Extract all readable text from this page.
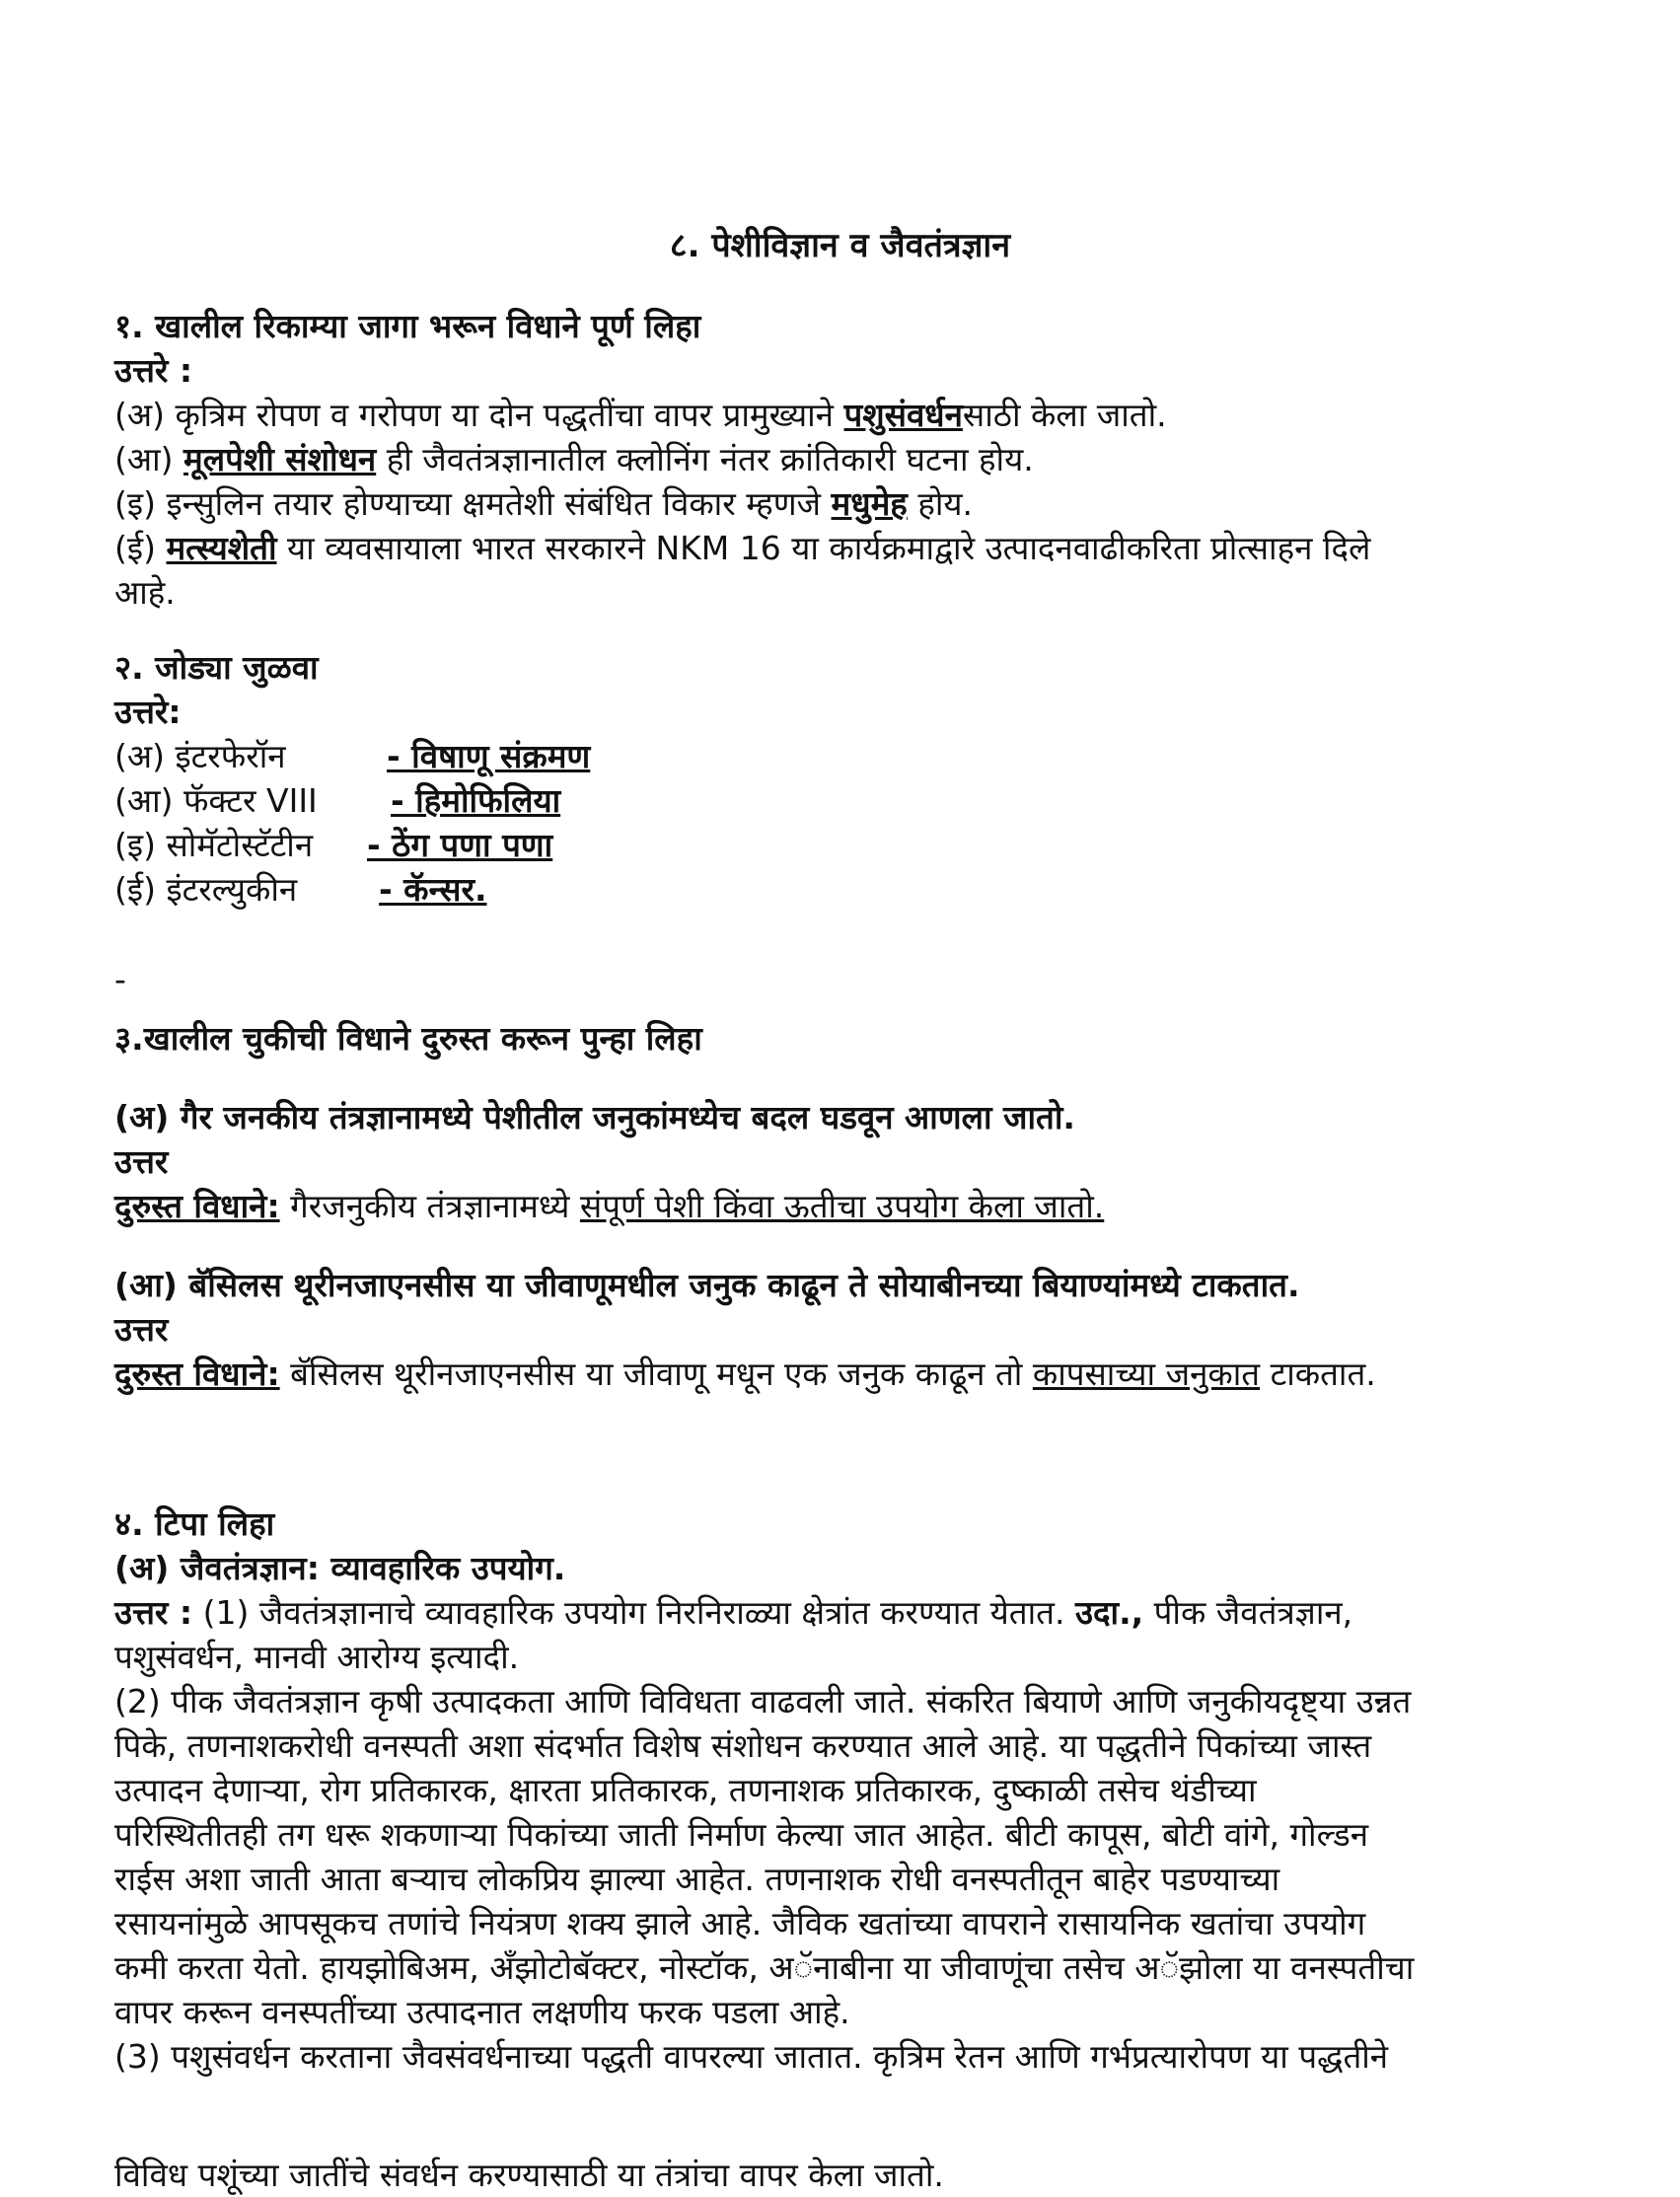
८. पेशीविज्ञान व जैवतंत्रज्ञान
१. खालील रिकाम्या जागा भरून विधाने पूर्ण लिहा
उत्तरे :
(अ) कृत्रिम रोपण व गरोपण या दोन पद्धतींचा वापर प्रामुख्याने पशुसंवर्धनसाठी केला जातो.
(आ) मूलपेशी संशोधन ही जैवतंत्रज्ञानातील क्लोनिंग नंतर क्रांतिकारी घटना होय.
(इ) इन्सुलिन तयार होण्याच्या क्षमतेशी संबंधित विकार म्हणजे मधुमेह होय.
(ई) मत्स्यशेती या व्यवसायाला भारत सरकारने NKM 16 या कार्यक्रमाद्वारे उत्पादनवाढीकरिता प्रोत्साहन दिले
आहे.
२. जोड्या जुळवा
उत्तरे:
(अ) इंटरफेरॉन	- विषाणू संक्रमण
(आ) फॅक्टर VIII - हिमोफिलिया
(इ) सोमॅटोस्टॅटीन - ठेंग पणा पणा
(ई) इंटरल्युकीन	- कॅन्सर.
-
३.खालील चुकीची विधाने दुरुस्त करून पुन्हा लिहा
(अ) गैर जनकीय तंत्रज्ञानामध्ये पेशीतील जनुकांमध्येच बदल घडवून आणला जातो.
उत्तर
दुरुस्त विधाने: गैरजनुकीय तंत्रज्ञानामध्ये संपूर्ण पेशी किंवा ऊतीचा उपयोग केला जातो.
(आ) बॅसिलस थूरीनजाएनसीस या जीवाणूमधील जनुक काढून ते सोयाबीनच्या बियाण्यांमध्ये टाकतात.
उत्तर
दुरुस्त विधाने: बॅसिलस थूरीनजाएनसीस या जीवाणू मधून एक जनुक काढून तो कापसाच्या जनुकात टाकतात.
४. टिपा लिहा
(अ) जैवतंत्रज्ञान: व्यावहारिक उपयोग.
उत्तर : (1) जैवतंत्रज्ञानाचे व्यावहारिक उपयोग निरनिराळ्या क्षेत्रांत करण्यात येतात. उदा., पीक जैवतंत्रज्ञान,
पशुसंवर्धन, मानवी आरोग्य इत्यादी.
(2) पीक जैवतंत्रज्ञान कृषी उत्पादकता आणि विविधता वाढवली जाते. संकरित बियाणे आणि जनुकीयदृष्ट्या उन्नत
पिके, तणनाशकरोधी वनस्पती अशा संदर्भात विशेष संशोधन करण्यात आले आहे. या पद्धतीने पिकांच्या जास्त
उत्पादन देणाऱ्या, रोग प्रतिकारक, क्षारता प्रतिकारक, तणनाशक प्रतिकारक, दुष्काळी तसेच थंडीच्या
परिस्थितीतही तग धरू शकणाऱ्या पिकांच्या जाती निर्माण केल्या जात आहेत. बीटी कापूस, बोटी वांगे, गोल्डन
राईस अशा जाती आता बऱ्याच लोकप्रिय झाल्या आहेत. तणनाशक रोधी वनस्पतीतून बाहेर पडण्याच्या
रसायनांमुळे आपसूकच तणांचे नियंत्रण शक्य झाले आहे. जैविक खतांच्या वापराने रासायनिक खतांचा उपयोग
कमी करता येतो. हायझोबिअम, अँझोटोबॅक्टर, नोस्टॉक, अॅनाबीना या जीवाणूंचा तसेच अॅझोला या वनस्पतीचा
वापर करून वनस्पतींच्या उत्पादनात लक्षणीय फरक पडला आहे.
(3) पशुसंवर्धन करताना जैवसंवर्धनाच्या पद्धती वापरल्या जातात. कृत्रिम रेतन आणि गर्भप्रत्यारोपण या पद्धतीने
विविध पशूंच्या जातींचे संवर्धन करण्यासाठी या तंत्रांचा वापर केला जातो.
